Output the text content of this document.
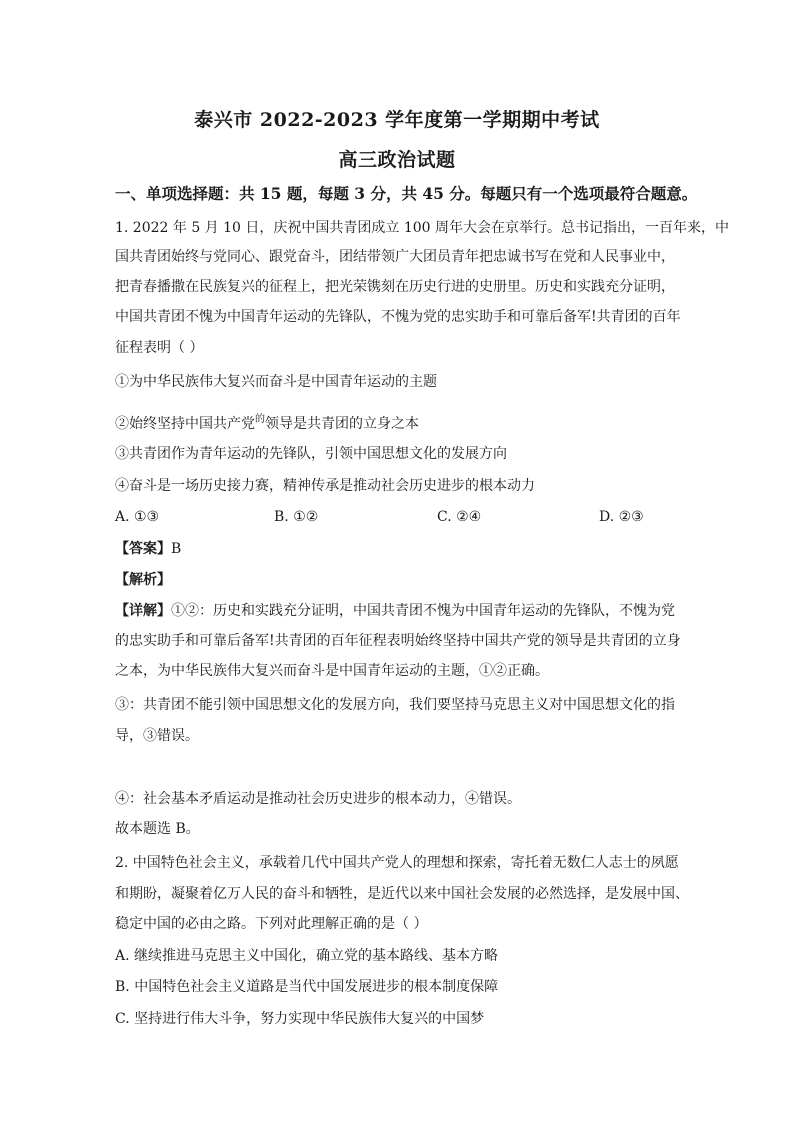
泰兴市 2022-2023 学年度第一学期期中考试
高三政治试题
一、单项选择题：共 15 题，每题 3 分，共 45 分。每题只有一个选项最符合题意。
1. 2022 年 5 月 10 日，庆祝中国共青团成立 100 周年大会在京举行。总书记指出，一百年来，中
国共青团始终与党同心、跟党奋斗，团结带领广大团员青年把忠诚书写在党和人民事业中，
把青春播撒在民族复兴的征程上，把光荣镌刻在历史行进的史册里。历史和实践充分证明，
中国共青团不愧为中国青年运动的先锋队，不愧为党的忠实助手和可靠后备军!共青团的百年
征程表明（ ）
①为中华民族伟大复兴而奋斗是中国青年运动的主题
②始终坚持中国共产党$^的$领导是共青团的立身之本
③共青团作为青年运动的先锋队，引领中国思想文化的发展方向
④奋斗是一场历史接力赛，精神传承是推动社会历史进步的根本动力
A. ①③	B. ①②	C. ②④	D. ②③
【答案】B
【解析】
【详解】①②：历史和实践充分证明，中国共青团不愧为中国青年运动的先锋队，不愧为党
的忠实助手和可靠后备军!共青团的百年征程表明始终坚持中国共产党的领导是共青团的立身
之本，为中华民族伟大复兴而奋斗是中国青年运动的主题，①②正确。
③：共青团不能引领中国思想文化的发展方向，我们要坚持马克思主义对中国思想文化的指
导，③错误。
④：社会基本矛盾运动是推动社会历史进步的根本动力，④错误。
故本题选 B。
2. 中国特色社会主义，承载着几代中国共产党人的理想和探索，寄托着无数仁人志士的夙愿
和期盼，凝聚着亿万人民的奋斗和牺牲，是近代以来中国社会发展的必然选择，是发展中国、
稳定中国的必由之路。下列对此理解正确的是（ ）
A. 继续推进马克思主义中国化，确立党的基本路线、基本方略
B. 中国特色社会主义道路是当代中国发展进步的根本制度保障
C. 坚持进行伟大斗争，努力实现中华民族伟大复兴的中国梦
